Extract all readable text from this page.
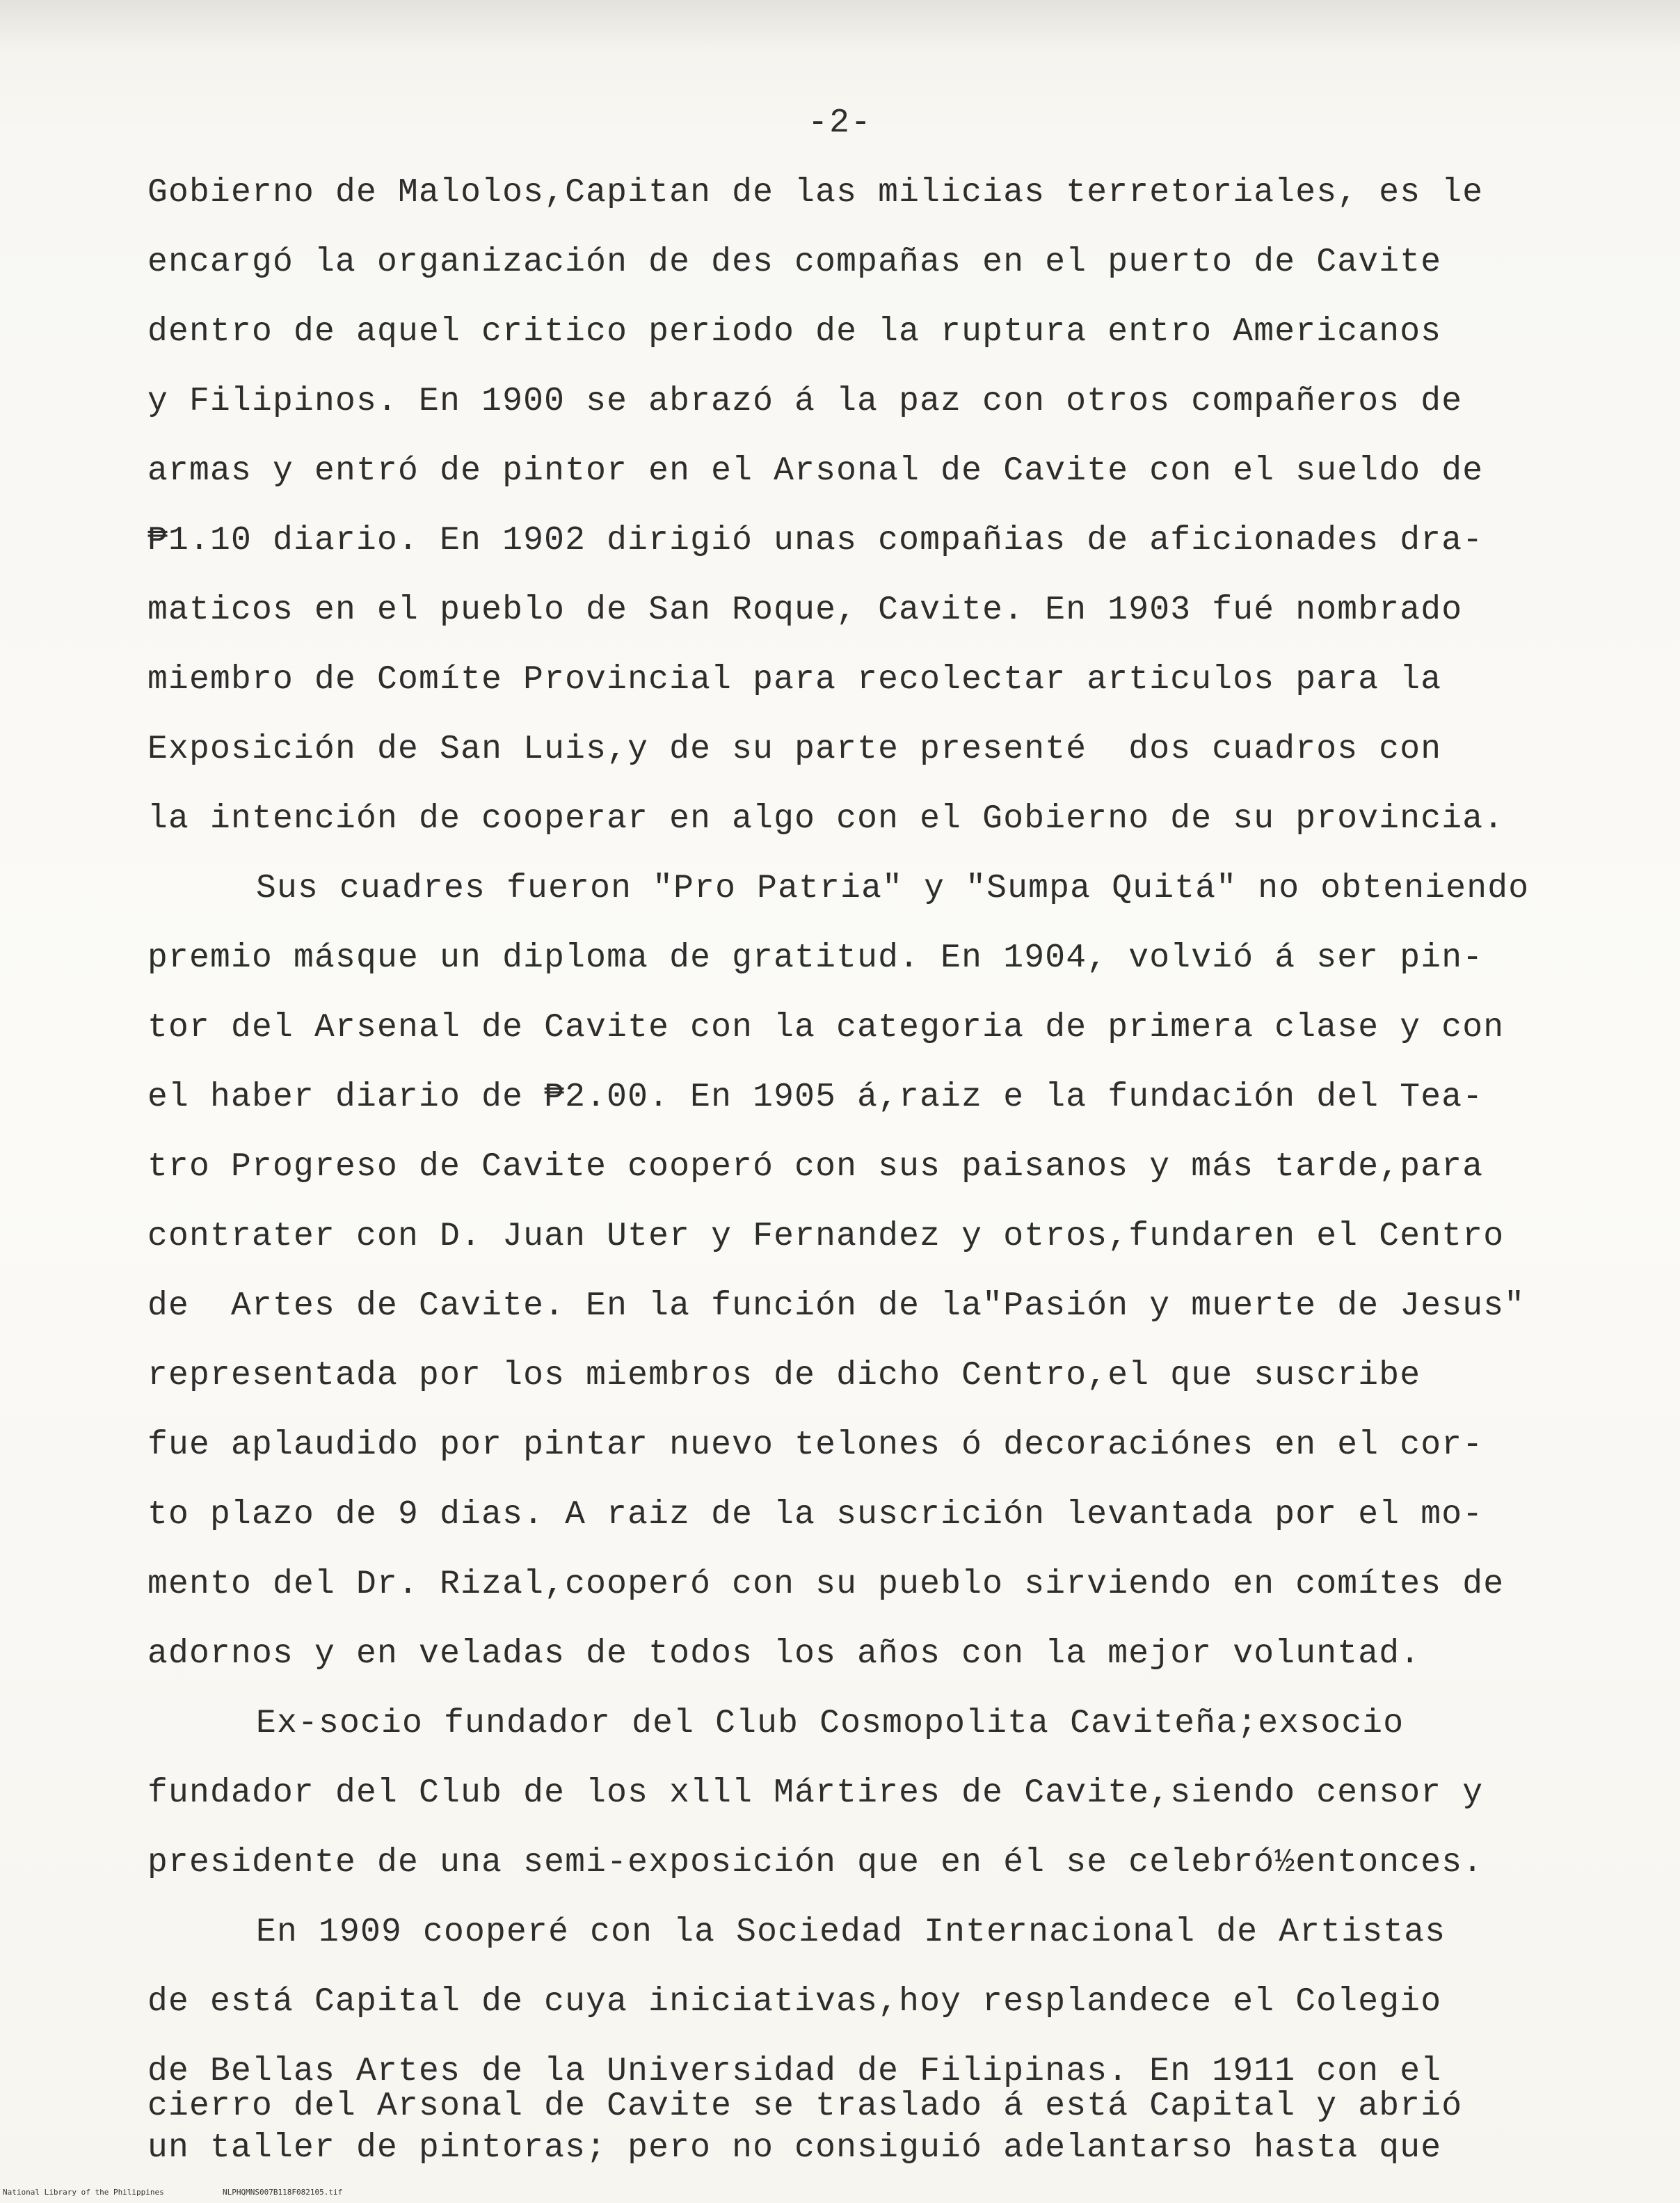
-2-
Gobierno de Malolos,Capitan de las milicias terretoriales, es le
encargó la organización de des compañas en el puerto de Cavite
dentro de aquel critico periodo de la ruptura entro Americanos
y Filipinos. En 1900 se abrazó á la paz con otros compañeros de
armas y entró de pintor en el Arsonal de Cavite con el sueldo de
₱1.10 diario. En 1902 dirigió unas compañias de aficionades dra-
maticos en el pueblo de San Roque, Cavite. En 1903 fué nombrado
miembro de Comíte Provincial para recolectar articulos para la
Exposición de San Luis,y de su parte presenté  dos cuadros con
la intención de cooperar en algo con el Gobierno de su provincia.
Sus cuadres fueron "Pro Patria" y "Sumpa Quitá" no obteniendo
premio másque un diploma de gratitud. En 1904, volvió á ser pin-
tor del Arsenal de Cavite con la categoria de primera clase y con
el haber diario de ₱2.00. En 1905 á,raiz e la fundación del Tea-
tro Progreso de Cavite cooperó con sus paisanos y más tarde,para
contrater con D. Juan Uter y Fernandez y otros,fundaren el Centro
de  Artes de Cavite. En la función de la"Pasión y muerte de Jesus"
representada por los miembros de dicho Centro,el que suscribe
fue aplaudido por pintar nuevo telones ó decoraciónes en el cor-
to plazo de 9 dias. A raiz de la suscrición levantada por el mo-
mento del Dr. Rizal,cooperó con su pueblo sirviendo en comítes de
adornos y en veladas de todos los años con la mejor voluntad.
Ex-socio fundador del Club Cosmopolita Caviteña;exsocio
fundador del Club de los xlll Mártires de Cavite,siendo censor y
presidente de una semi-exposición que en él se celebró½entonces.
En 1909 cooperé con la Sociedad Internacional de Artistas
de está Capital de cuya iniciativas,hoy resplandece el Colegio
de Bellas Artes de la Universidad de Filipinas. En 1911 con el
cierro del Arsonal de Cavite se traslado á está Capital y abrió
un taller de pintoras; pero no consiguió adelantarso hasta que
National Library of the Philippines	NLPHQMNS007B118F082105.tif
